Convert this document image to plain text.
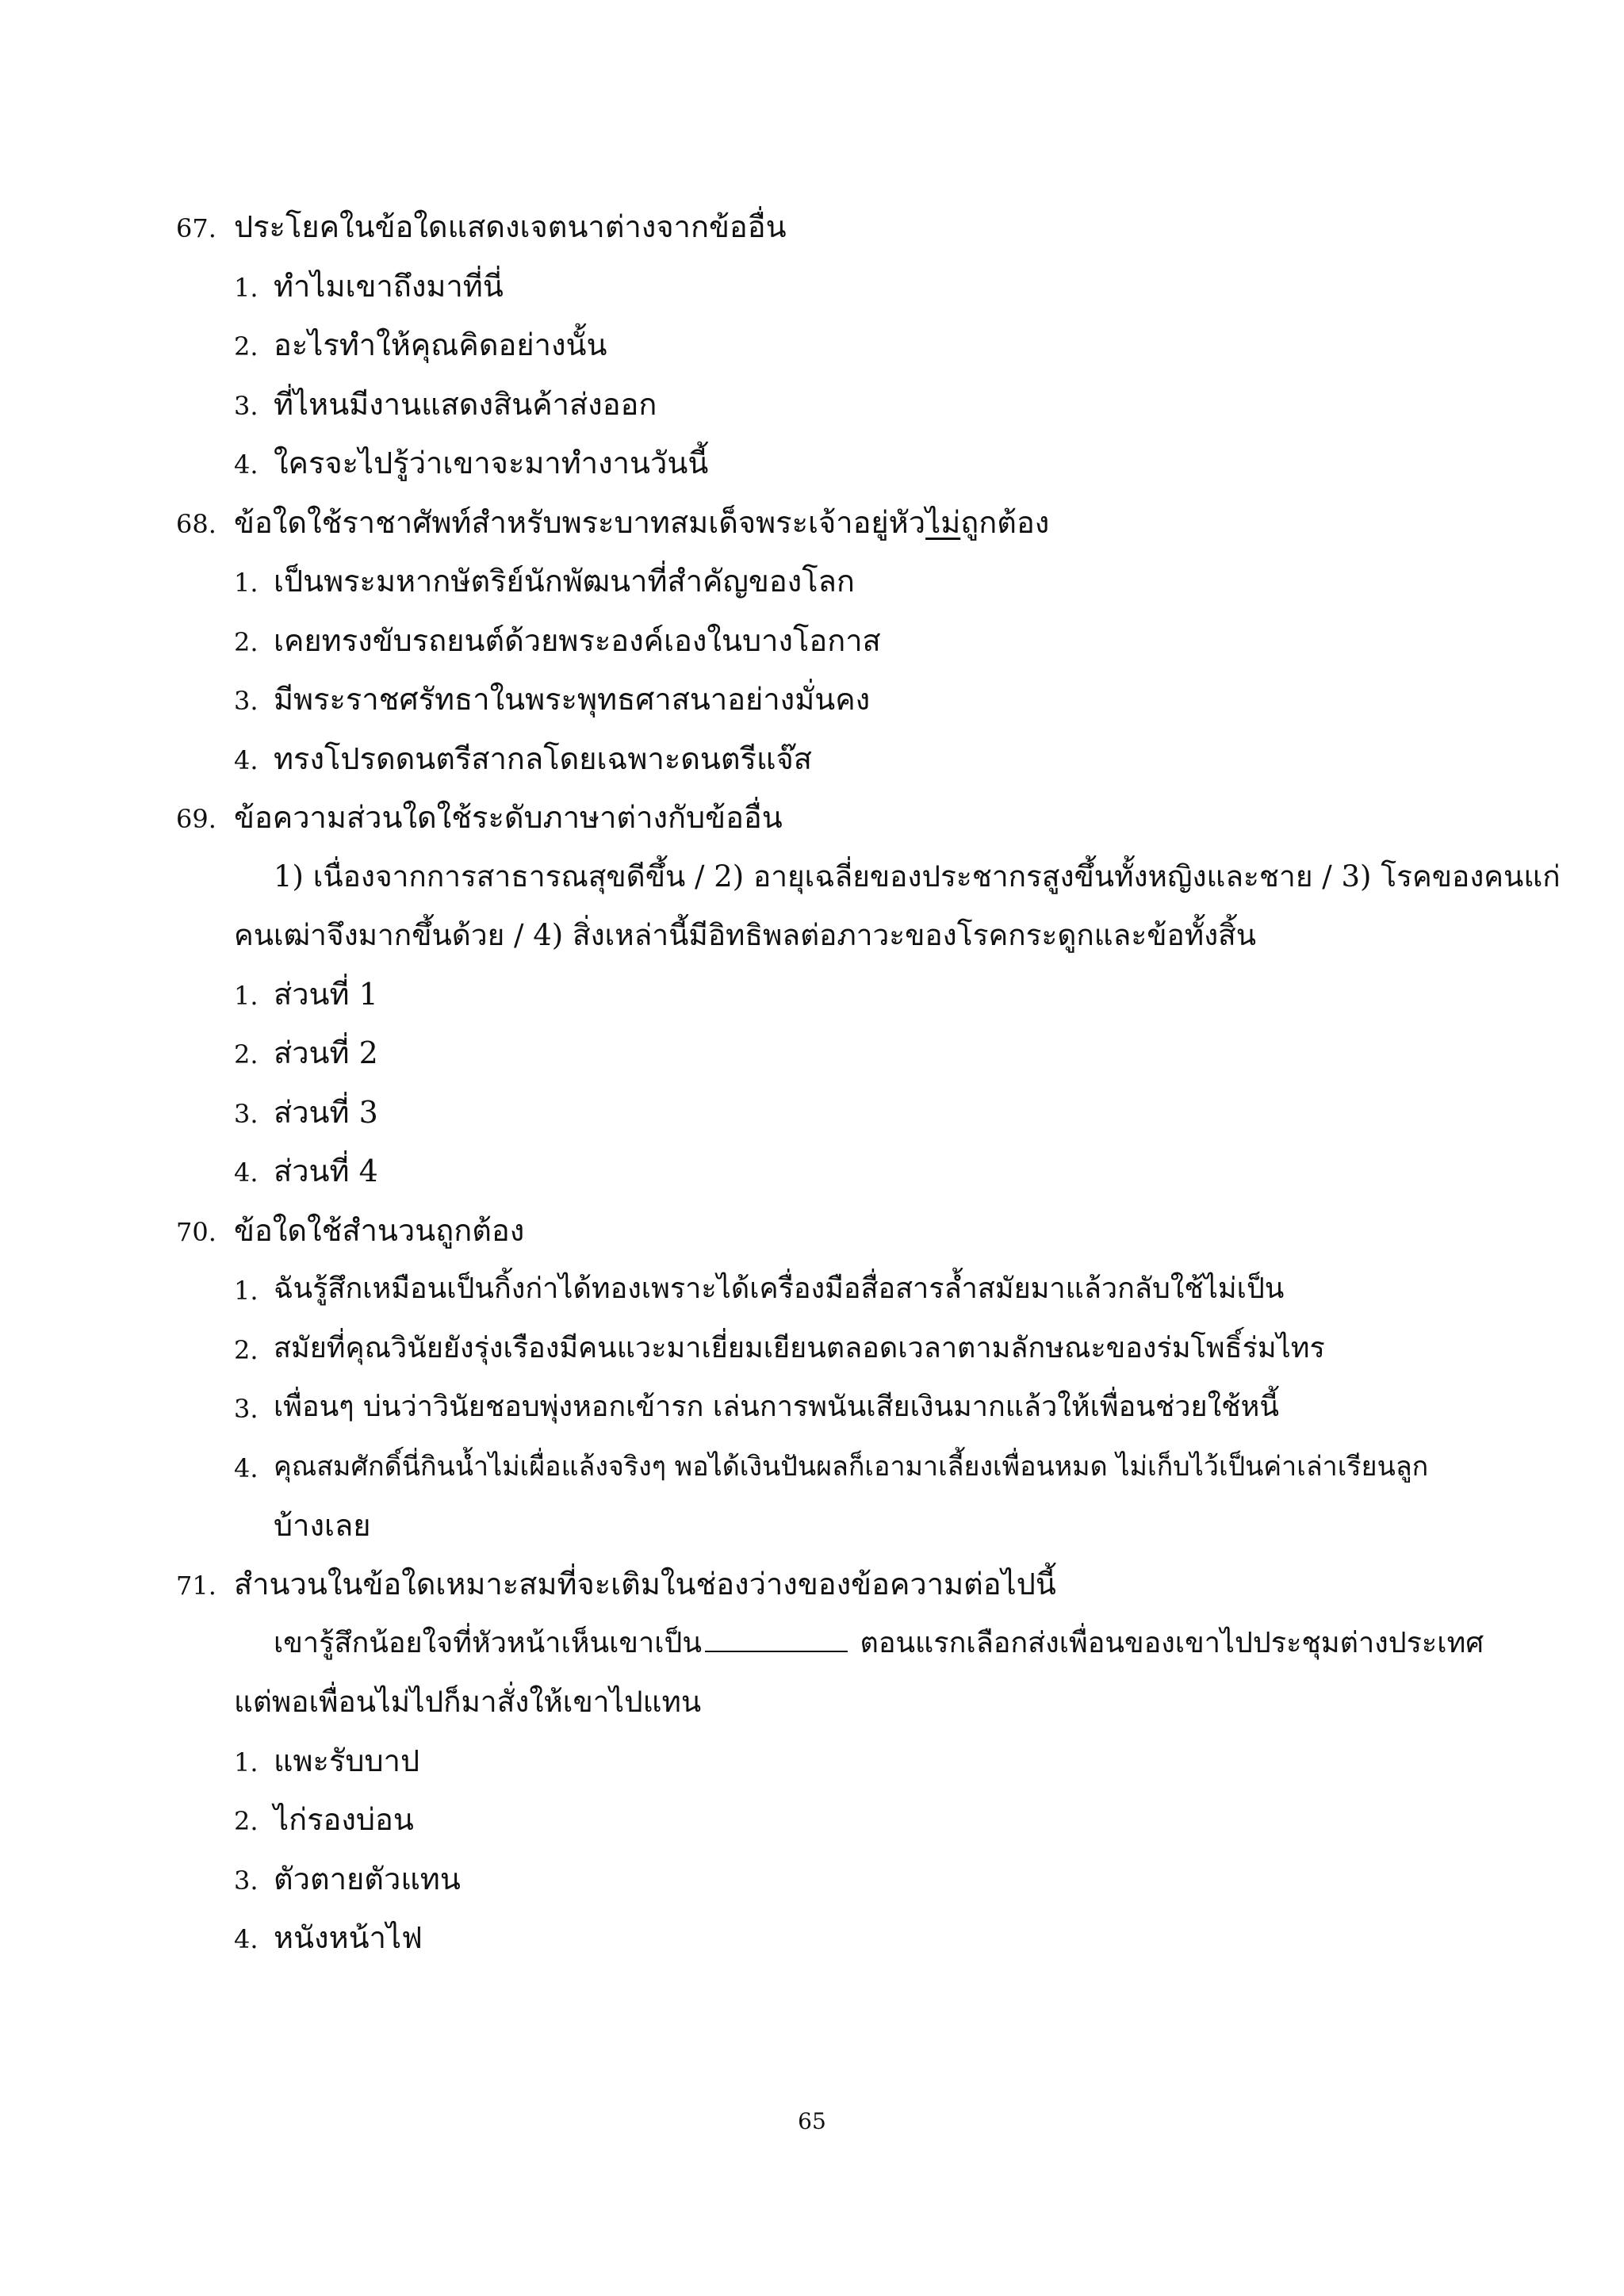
67. ประโยคในข้อใดแสดงเจตนาต่างจากข้ออื่น
1. ทำไมเขาถึงมาที่นี่
2. อะไรทำให้คุณคิดอย่างนั้น
3. ที่ไหนมีงานแสดงสินค้าส่งออก
4. ใครจะไปรู้ว่าเขาจะมาทำงานวันนี้
68. ข้อใดใช้ราชาศัพท์สำหรับพระบาทสมเด็จพระเจ้าอยู่หัวไม่ถูกต้อง
1. เป็นพระมหากษัตริย์นักพัฒนาที่สำคัญของโลก
2. เคยทรงขับรถยนต์ด้วยพระองค์เองในบางโอกาส
3. มีพระราชศรัทธาในพระพุทธศาสนาอย่างมั่นคง
4. ทรงโปรดดนตรีสากลโดยเฉพาะดนตรีแจ๊ส
69. ข้อความส่วนใดใช้ระดับภาษาต่างกับข้ออื่น
1) เนื่องจากการสาธารณสุขดีขึ้น / 2) อายุเฉลี่ยของประชากรสูงขึ้นทั้งหญิงและชาย / 3) โรคของคนแก่
คนเฒ่าจึงมากขึ้นด้วย / 4) สิ่งเหล่านี้มีอิทธิพลต่อภาวะของโรคกระดูกและข้อทั้งสิ้น
1. ส่วนที่ 1
2. ส่วนที่ 2
3. ส่วนที่ 3
4. ส่วนที่ 4
70. ข้อใดใช้สำนวนถูกต้อง
1. ฉันรู้สึกเหมือนเป็นกิ้งก่าได้ทองเพราะได้เครื่องมือสื่อสารล้ำสมัยมาแล้วกลับใช้ไม่เป็น
2. สมัยที่คุณวินัยยังรุ่งเรืองมีคนแวะมาเยี่ยมเยียนตลอดเวลาตามลักษณะของร่มโพธิ์ร่มไทร
3. เพื่อนๆ บ่นว่าวินัยชอบพุ่งหอกเข้ารก เล่นการพนันเสียเงินมากแล้วให้เพื่อนช่วยใช้หนี้
4. คุณสมศักดิ์นี่กินน้ำไม่เผื่อแล้งจริงๆ พอได้เงินปันผลก็เอามาเลี้ยงเพื่อนหมด ไม่เก็บไว้เป็นค่าเล่าเรียนลูก
บ้างเลย
71. สำนวนในข้อใดเหมาะสมที่จะเติมในช่องว่างของข้อความต่อไปนี้
เขารู้สึกน้อยใจที่หัวหน้าเห็นเขาเป็น	ตอนแรกเลือกส่งเพื่อนของเขาไปประชุมต่างประเทศ
แต่พอเพื่อนไม่ไปก็มาสั่งให้เขาไปแทน
1. แพะรับบาป
2. ไก่รองบ่อน
3. ตัวตายตัวแทน
4. หนังหน้าไฟ
65
